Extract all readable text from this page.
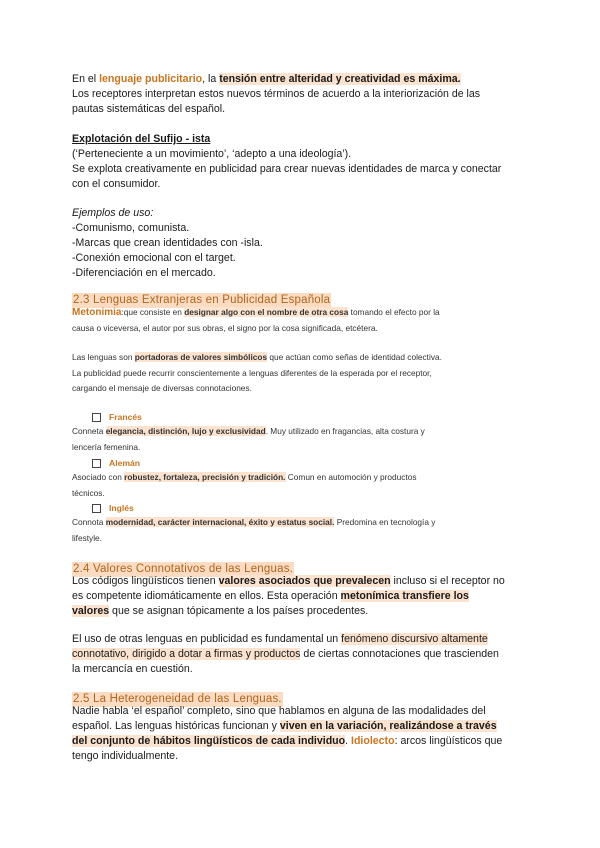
En el lenguaje publicitario, la tensión entre alteridad y creatividad es máxima.

Los receptores interpretan estos nuevos términos de acuerdo a la interiorización de las

pautas sistemáticas del español.

Explotación del Sufijo - ista

(‘Perteneciente a un movimiento’, ‘adepto a una ideología’).

Se explota creativamente en publicidad para crear nuevas identidades de marca y conectar

con el consumidor.

Ejemplos de uso:

-Comunismo, comunista.

-Marcas que crean identidades con -isla.

-Conexión emocional con el target.

-Diferenciación en el mercado.

2.3 Lenguas Extranjeras en Publicidad Española

Metonimia:que consiste en designar algo con el nombre de otra cosa tomando el efecto por la

causa o viceversa, el autor por sus obras, el signo por la cosa significada, etcétera.

Las lenguas son portadoras de valores simbólicos que actúan como señas de identidad colectiva.

La publicidad puede recurrir conscientemente a lenguas diferentes de la esperada por el receptor,

cargando el mensaje de diversas connotaciones.

Francés

Conneta elegancia, distinción, lujo y exclusividad. Muy utilizado en fragancias, alta costura y

lencería femenina.

Alemán

Asociado con robustez, fortaleza, precisión y tradición. Comun en automoción y productos

técnicos.

Inglés

Connota modernidad, carácter internacional, éxito y estatus social. Predomina en tecnología y

lifestyle.

2.4 Valores Connotativos de las Lenguas.

Los códigos lingüísticos tienen valores asociados que prevalecen incluso si el receptor no

es competente idiomáticamente en ellos. Esta operación metonímica transfiere los

valores que se asignan tópicamente a los países procedentes.

El uso de otras lenguas en publicidad es fundamental un fenómeno discursivo altamente

connotativo, dirigido a dotar a firmas y productos de ciertas connotaciones que trascienden

la mercancía en cuestión.

2.5 La Heterogeneidad de las Lenguas.

Nadie habla ‘el español’ completo, sino que hablamos en alguna de las modalidades del

español. Las lenguas históricas funcionan y viven en la variación, realizándose a través

del conjunto de hábitos lingüísticos de cada individuo. Idiolecto: arcos lingüísticos que

tengo individualmente.
